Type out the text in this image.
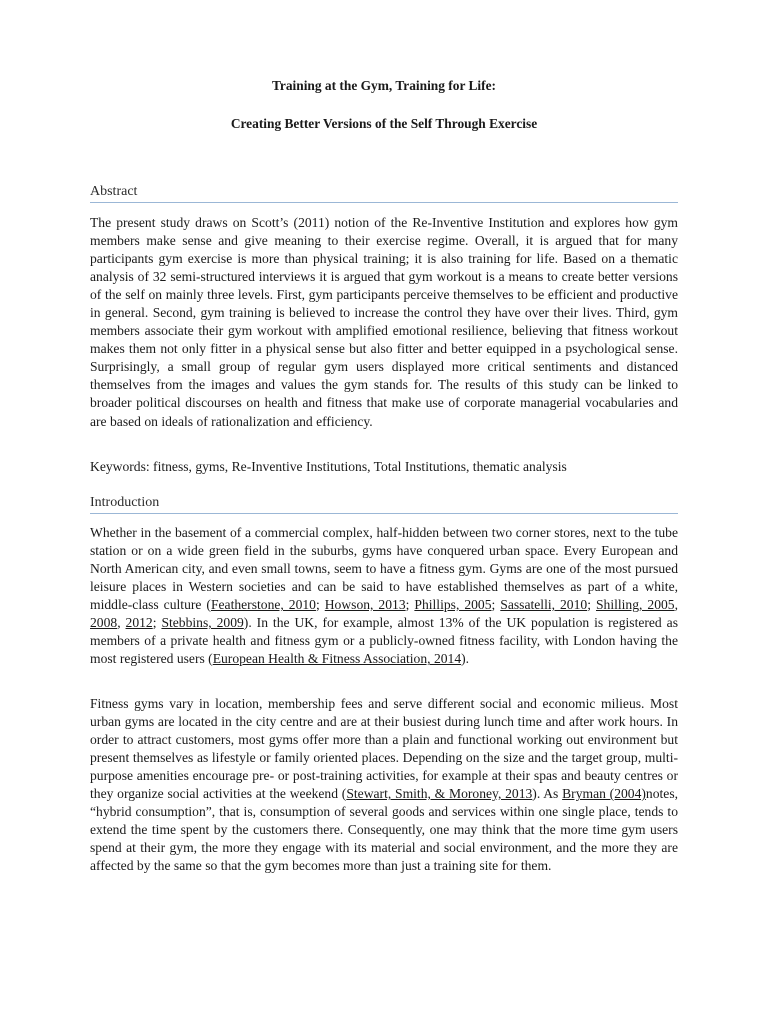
Training at the Gym, Training for Life:
Creating Better Versions of the Self Through Exercise
Abstract

The present study draws on Scott’s (2011) notion of the Re-Inventive Institution and explores how gym members make sense and give meaning to their exercise regime. Overall, it is argued that for many participants gym exercise is more than physical training; it is also training for life. Based on a thematic analysis of 32 semi-structured interviews it is argued that gym workout is a means to create better versions of the self on mainly three levels. First, gym participants perceive themselves to be efficient and productive in general. Second, gym training is believed to increase the control they have over their lives. Third, gym members associate their gym workout with amplified emotional resilience, believing that fitness workout makes them not only fitter in a physical sense but also fitter and better equipped in a psychological sense. Surprisingly, a small group of regular gym users displayed more critical sentiments and distanced themselves from the images and values the gym stands for. The results of this study can be linked to broader political discourses on health and fitness that make use of corporate managerial vocabularies and are based on ideals of rationalization and efficiency.

Keywords: fitness, gyms, Re-Inventive Institutions, Total Institutions, thematic analysis

Introduction

Whether in the basement of a commercial complex, half-hidden between two corner stores, next to the tube station or on a wide green field in the suburbs, gyms have conquered urban space. Every European and North American city, and even small towns, seem to have a fitness gym. Gyms are one of the most pursued leisure places in Western societies and can be said to have established themselves as part of a white, middle-class culture (Featherstone, 2010; Howson, 2013; Phillips, 2005; Sassatelli, 2010; Shilling, 2005, 2008, 2012; Stebbins, 2009). In the UK, for example, almost 13% of the UK population is registered as members of a private health and fitness gym or a publicly-owned fitness facility, with London having the most registered users (European Health & Fitness Association, 2014).

Fitness gyms vary in location, membership fees and serve different social and economic milieus. Most urban gyms are located in the city centre and are at their busiest during lunch time and after work hours. In order to attract customers, most gyms offer more than a plain and functional working out environment but present themselves as lifestyle or family oriented places. Depending on the size and the target group, multi-purpose amenities encourage pre- or post-training activities, for example at their spas and beauty centres or they organize social activities at the weekend (Stewart, Smith, & Moroney, 2013). As Bryman (2004)notes, “hybrid consumption”, that is, consumption of several goods and services within one single place, tends to extend the time spent by the customers there. Consequently, one may think that the more time gym users spend at their gym, the more they engage with its material and social environment, and the more they are affected by the same so that the gym becomes more than just a training site for them.
